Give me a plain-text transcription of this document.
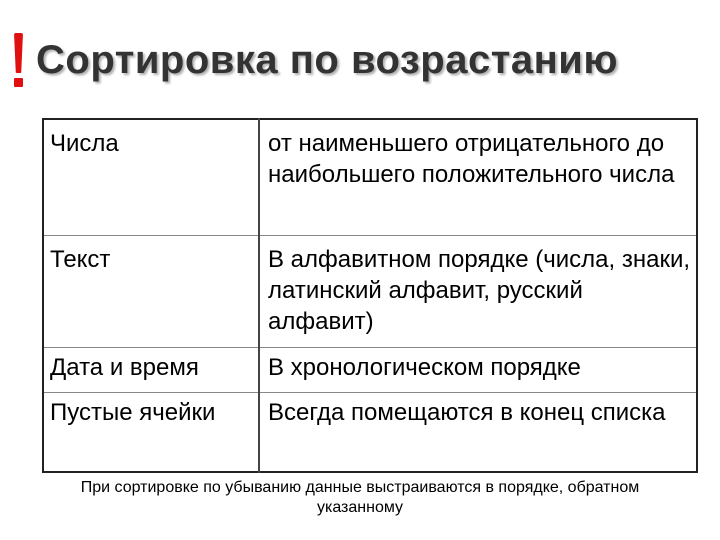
Сортировка по возрастанию
Числа	от наименьшего отрицательного до наибольшего положительного числа
Текст	В алфавитном порядке (числа, знаки, латинский алфавит, русский алфавит)
Дата и время	В хронологическом порядке
Пустые ячейки	Всегда помещаются в конец списка
При сортировке по убыванию данные выстраиваются в порядке, обратном указанному
